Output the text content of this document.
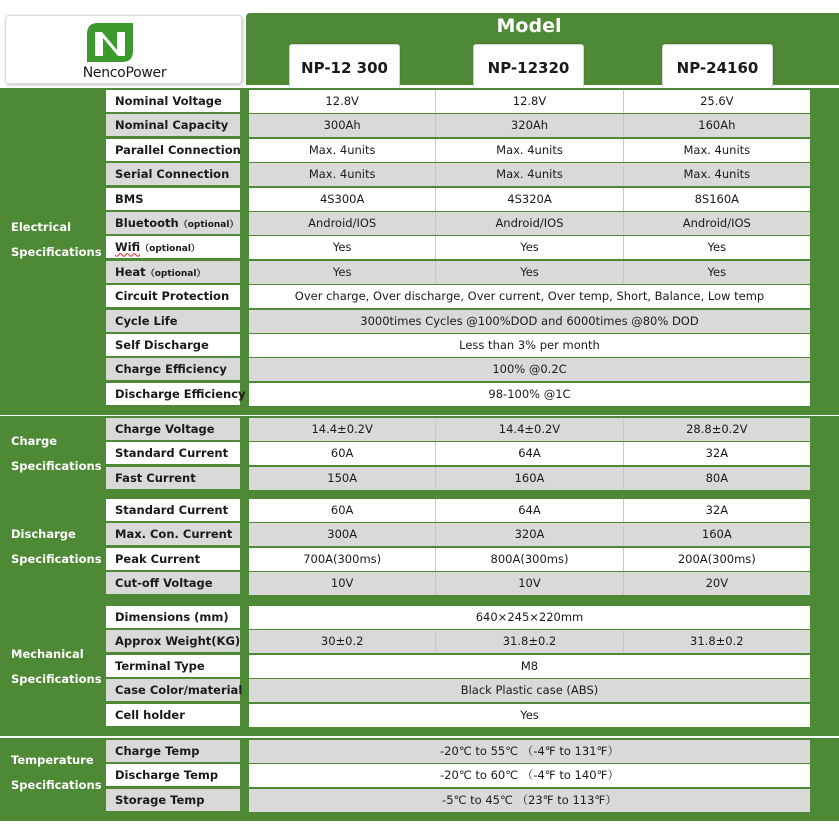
NencoPower
Model
NP-12 300	NP-12320	NP-24160
Electrical
Specifications
Nominal Voltage	12.8V	12.8V	25.6V
Nominal Capacity	300Ah	320Ah	160Ah
Parallel Connection	Max. 4units	Max. 4units	Max. 4units
Serial Connection	Max. 4units	Max. 4units	Max. 4units
BMS	4S300A	4S320A	8S160A
Bluetooth（optional）	Android/IOS	Android/IOS	Android/IOS
Wifi（optional）	Yes	Yes	Yes
Heat（optional）	Yes	Yes	Yes
Circuit Protection	Over charge, Over discharge, Over current, Over temp, Short, Balance, Low temp
Cycle Life	3000times Cycles @100%DOD and 6000times @80% DOD
Self Discharge	Less than 3% per month
Charge Efficiency	100% @0.2C
Discharge Efficiency	98-100% @1C
Charge
Specifications
Charge Voltage	14.4±0.2V	14.4±0.2V	28.8±0.2V
Standard Current	60A	64A	32A
Fast Current	150A	160A	80A
Discharge
Specifications
Standard Current	60A	64A	32A
Max. Con. Current	300A	320A	160A
Peak Current	700A(300ms)	800A(300ms)	200A(300ms)
Cut-off Voltage	10V	10V	20V
Mechanical
Specifications
Dimensions (mm)	640×245×220mm
Approx Weight(KG)	30±0.2	31.8±0.2	31.8±0.2
Terminal Type	M8
Case Color/material	Black Plastic case (ABS)
Cell holder	Yes
Temperature
Specifications
Charge Temp	-20℃ to 55℃ （-4℉ to 131℉）
Discharge Temp	-20℃ to 60℃ （-4℉ to 140℉）
Storage Temp	-5℃ to 45℃ （23℉ to 113℉）
